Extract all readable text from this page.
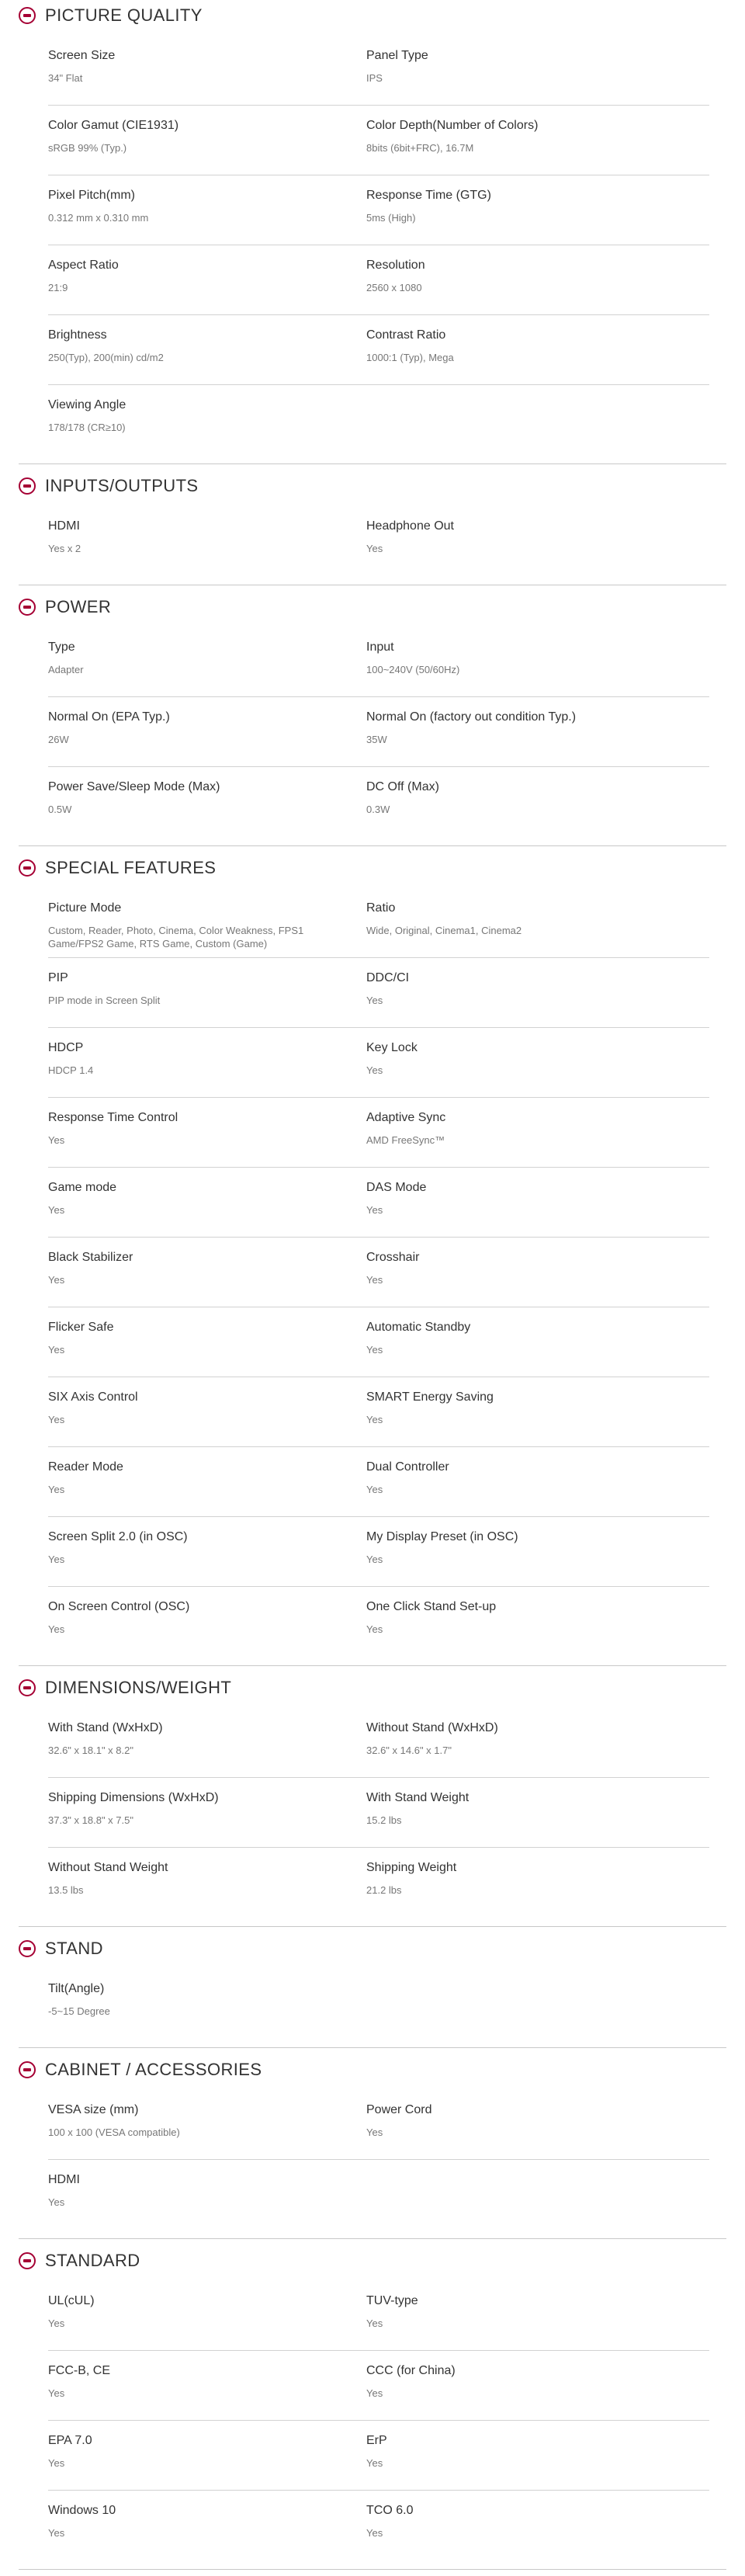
PICTURE QUALITY
Screen Size
34" Flat
Panel Type
IPS
Color Gamut (CIE1931)
sRGB 99% (Typ.)
Color Depth(Number of Colors)
8bits (6bit+FRC), 16.7M
Pixel Pitch(mm)
0.312 mm x 0.310 mm
Response Time (GTG)
5ms (High)
Aspect Ratio
21:9
Resolution
2560 x 1080
Brightness
250(Typ), 200(min) cd/m2
Contrast Ratio
1000:1 (Typ), Mega
Viewing Angle
178/178 (CR≥10)
INPUTS/OUTPUTS
HDMI
Yes x 2
Headphone Out
Yes
POWER
Type
Adapter
Input
100~240V (50/60Hz)
Normal On (EPA Typ.)
26W
Normal On (factory out condition Typ.)
35W
Power Save/Sleep Mode (Max)
0.5W
DC Off (Max)
0.3W
SPECIAL FEATURES
Picture Mode
Custom, Reader, Photo, Cinema, Color Weakness, FPS1 Game/FPS2 Game, RTS Game, Custom (Game)
Ratio
Wide, Original, Cinema1, Cinema2
PIP
PIP mode in Screen Split
DDC/CI
Yes
HDCP
HDCP 1.4
Key Lock
Yes
Response Time Control
Yes
Adaptive Sync
AMD FreeSync™
Game mode
Yes
DAS Mode
Yes
Black Stabilizer
Yes
Crosshair
Yes
Flicker Safe
Yes
Automatic Standby
Yes
SIX Axis Control
Yes
SMART Energy Saving
Yes
Reader Mode
Yes
Dual Controller
Yes
Screen Split 2.0 (in OSC)
Yes
My Display Preset (in OSC)
Yes
On Screen Control (OSC)
Yes
One Click Stand Set-up
Yes
DIMENSIONS/WEIGHT
With Stand (WxHxD)
32.6" x 18.1" x 8.2"
Without Stand (WxHxD)
32.6" x 14.6" x 1.7"
Shipping Dimensions (WxHxD)
37.3" x 18.8" x 7.5"
With Stand Weight
15.2 lbs
Without Stand Weight
13.5 lbs
Shipping Weight
21.2 lbs
STAND
Tilt(Angle)
-5~15 Degree
CABINET / ACCESSORIES
VESA size (mm)
100 x 100 (VESA compatible)
Power Cord
Yes
HDMI
Yes
STANDARD
UL(cUL)
Yes
TUV-type
Yes
FCC-B, CE
Yes
CCC (for China)
Yes
EPA 7.0
Yes
ErP
Yes
Windows 10
Yes
TCO 6.0
Yes
